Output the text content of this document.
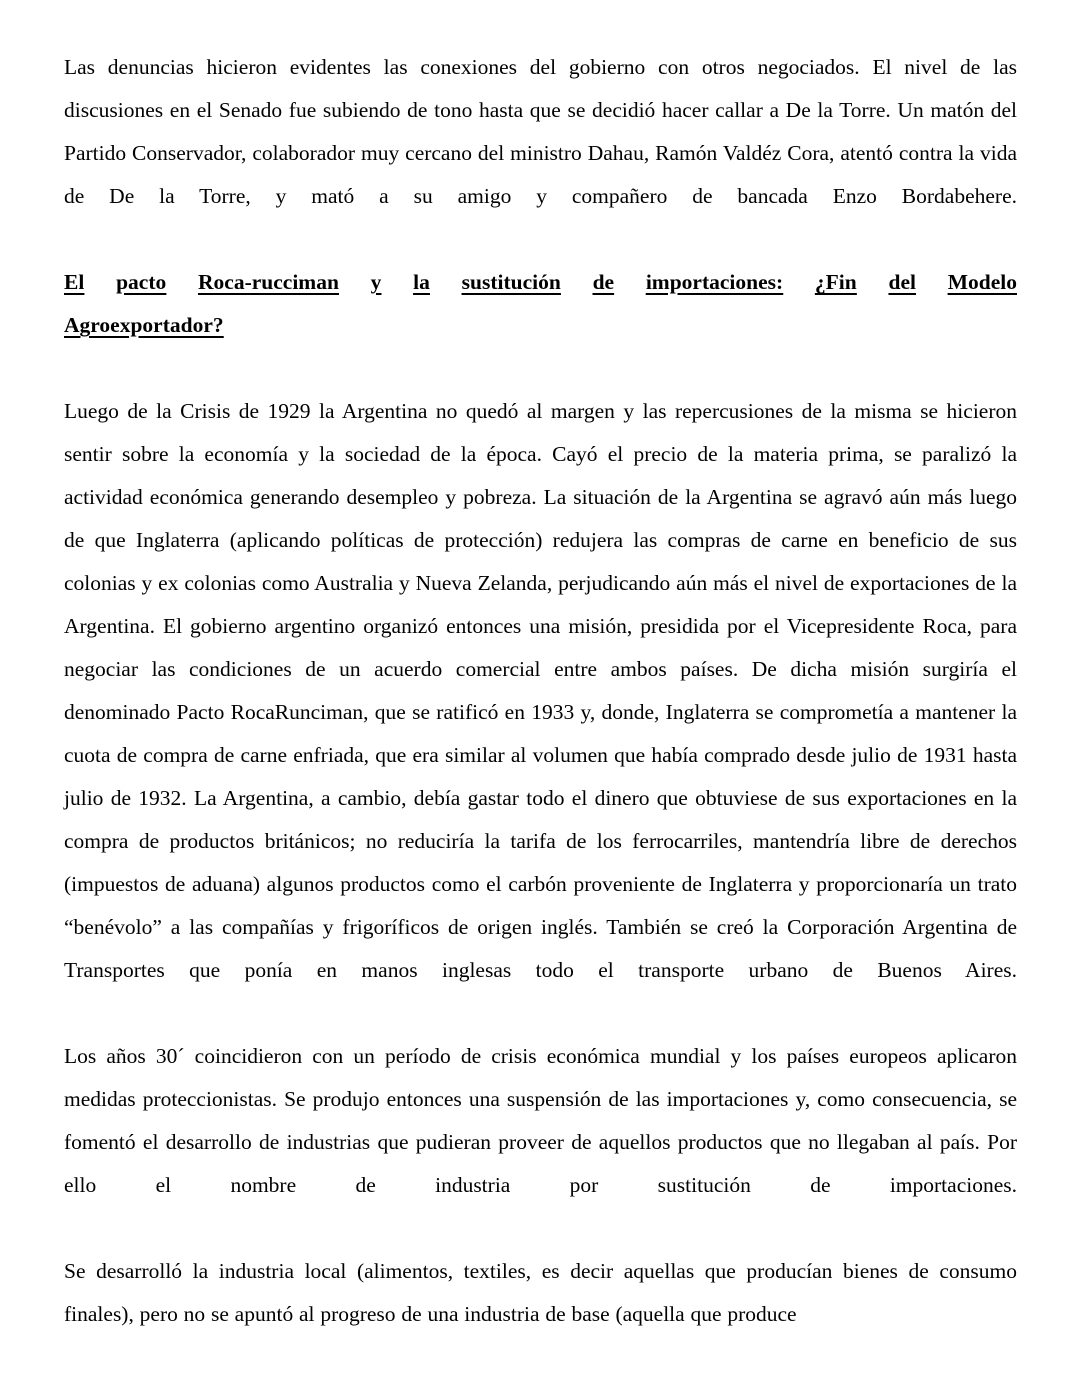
Las denuncias hicieron evidentes las conexiones del gobierno con otros negociados. El nivel de las discusiones en el Senado fue subiendo de tono hasta que se decidió hacer callar a De la Torre. Un matón del Partido Conservador, colaborador muy cercano del ministro Dahau, Ramón Valdéz Cora, atentó contra la vida de De la Torre, y mató a su amigo y compañero de bancada Enzo Bordabehere.

El pacto Roca-rucciman y la sustitución de importaciones: ¿Fin del Modelo
Agroexportador?

Luego de la Crisis de 1929 la Argentina no quedó al margen y las repercusiones de la misma se hicieron sentir sobre la economía y la sociedad de la época. Cayó el precio de la materia prima, se paralizó la actividad económica generando desempleo y pobreza. La situación de la Argentina se agravó aún más luego de que Inglaterra (aplicando políticas de protección) redujera las compras de carne en beneficio de sus colonias y ex colonias como Australia y Nueva Zelanda, perjudicando aún más el nivel de exportaciones de la Argentina. El gobierno argentino organizó entonces una misión, presidida por el Vicepresidente Roca, para negociar las condiciones de un acuerdo comercial entre ambos países. De dicha misión surgiría el denominado Pacto RocaRunciman, que se ratificó en 1933 y, donde, Inglaterra se comprometía a mantener la cuota de compra de carne enfriada, que era similar al volumen que había comprado desde julio de 1931 hasta julio de 1932. La Argentina, a cambio, debía gastar todo el dinero que obtuviese de sus exportaciones en la compra de productos británicos; no reduciría la tarifa de los ferrocarriles, mantendría libre de derechos (impuestos de aduana) algunos productos como el carbón proveniente de Inglaterra y proporcionaría un trato “benévolo” a las compañías y frigoríficos de origen inglés. También se creó la Corporación Argentina de Transportes que ponía en manos inglesas todo el transporte urbano de Buenos Aires.

Los años 30´ coincidieron con un período de crisis económica mundial y los países europeos aplicaron medidas proteccionistas. Se produjo entonces una suspensión de las importaciones y, como consecuencia, se fomentó el desarrollo de industrias que pudieran proveer de aquellos productos que no llegaban al país. Por ello el nombre de industria por sustitución de importaciones.

Se desarrolló la industria local (alimentos, textiles, es decir aquellas que producían bienes de consumo finales), pero no se apuntó al progreso de una industria de base (aquella que produce
